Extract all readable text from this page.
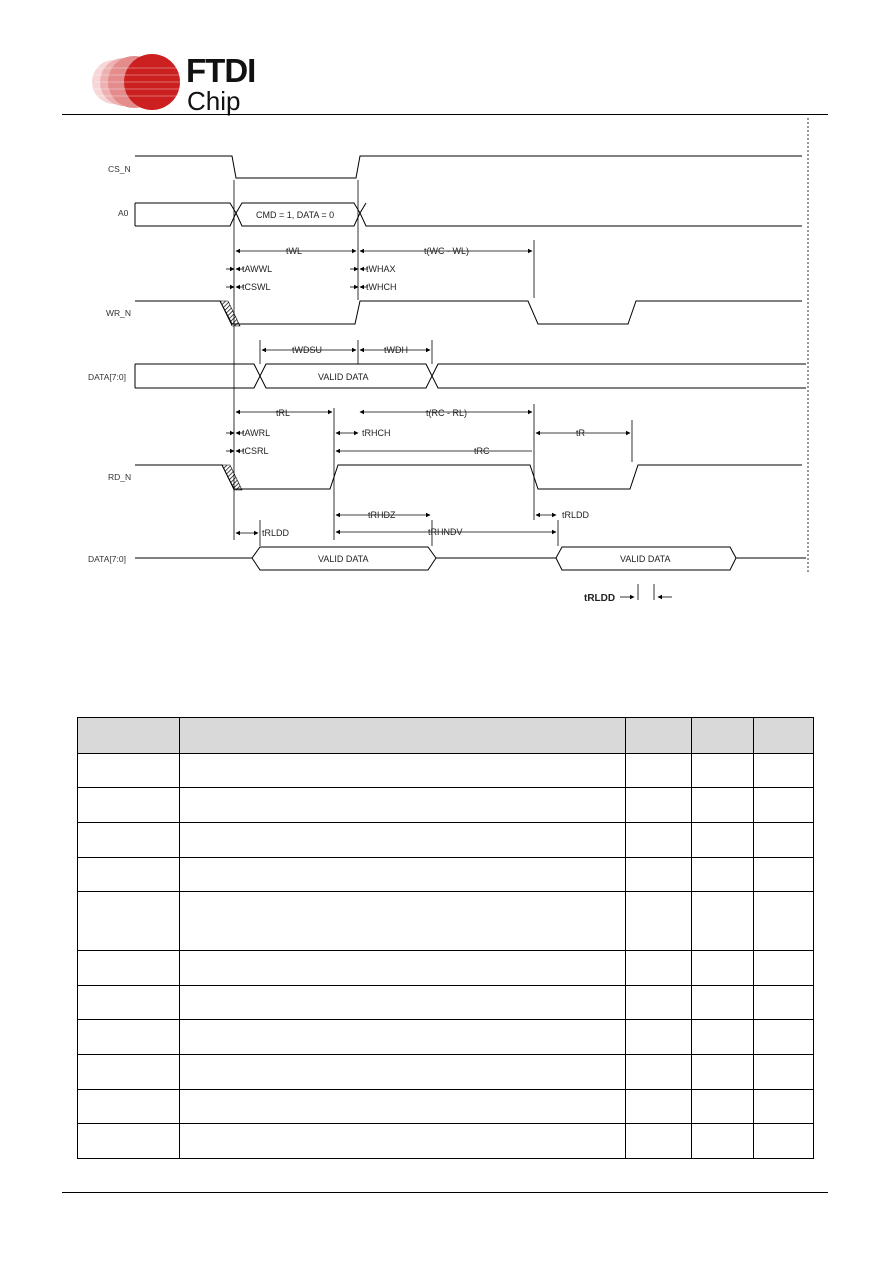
FTDI
Chip
CS_N
A0
WR_N
DATA[7:0]
RD_N
DATA[7:0]
CMD = 1, DATA = 0
VALID DATA
VALID DATA	VALID DATA
tWL	t(WC - WL)
tAWWL
tCSWL
tWHAX
tWHCH
tWDSU	tWDH
tRL	t(RC - RL)
tAWRL
tCSRL
tRHCH
tRC
tR
tRHDZ
tRHNDV
tRLDD
tRLDD
tRLDD
